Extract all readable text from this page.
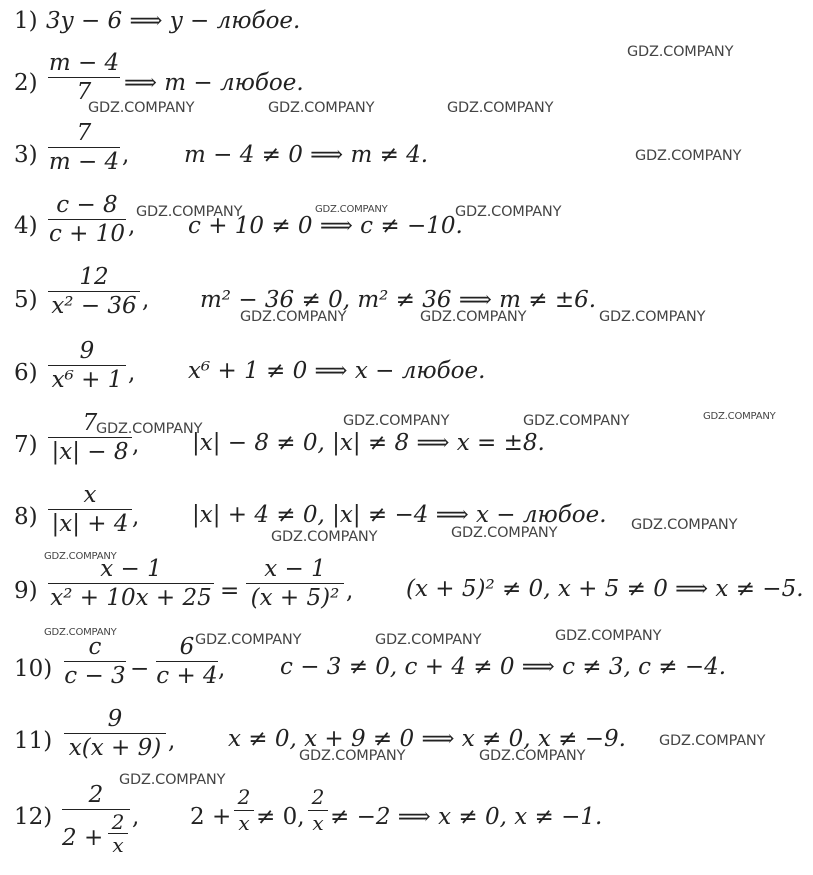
1) 3y − 6 ⟹ y − любое.
2)
m − 4
7	⟹ m − любое.
3)
7
m − 4 , m − 4 ≠ 0 ⟹ m ≠ 4.
4)
c − 8
c + 10 , c + 10 ≠ 0 ⟹ c ≠ −10.
5)
12
x² − 36 , m² − 36 ≠ 0, m² ≠ 36 ⟹ m ≠ ±6.
6)
9
x⁶ + 1 , x⁶ + 1 ≠ 0 ⟹ x − любое.
7)
7
|x| − 8 , |x| − 8 ≠ 0, |x| ≠ 8 ⟹ x = ±8.
8)
x
|x| + 4 , |x| + 4 ≠ 0, |x| ≠ −4 ⟹ x − любое.
9)
x − 1
x² + 10x + 25 =
x − 1
(x + 5)² , (x + 5)² ≠ 0, x + 5 ≠ 0 ⟹ x ≠ −5.
10)
c
c − 3 −
6
c + 4 , c − 3 ≠ 0, c + 4 ≠ 0 ⟹ c ≠ 3, c ≠ −4.
11)
9
x(x + 9) , x ≠ 0, x + 9 ≠ 0 ⟹ x ≠ 0, x ≠ −9.
12)
2
2 +
2
x
, 2 +
2
x ≠ 0,
2
x ≠ −2 ⟹ x ≠ 0, x ≠ −1.
GDZ.COMPANY
GDZ.COMPANY	GDZ.COMPANY	GDZ.COMPANY
GDZ.COMPANY
GDZ.COMPANY	GDZ.COMPANY	GDZ.COMPANY
GDZ.COMPANY	GDZ.COMPANY	GDZ.COMPANY
GDZ.COMPANY	GDZ.COMPANY	GDZ.COMPANY	GDZ.COMPANY
GDZ.COMPANY
GDZ.COMPANY	GDZ.COMPANY
GDZ.COMPANY
GDZ.COMPANY	GDZ.COMPANY	GDZ.COMPANY	GDZ.COMPANY
GDZ.COMPANY
GDZ.COMPANY	GDZ.COMPANY
GDZ.COMPANY
